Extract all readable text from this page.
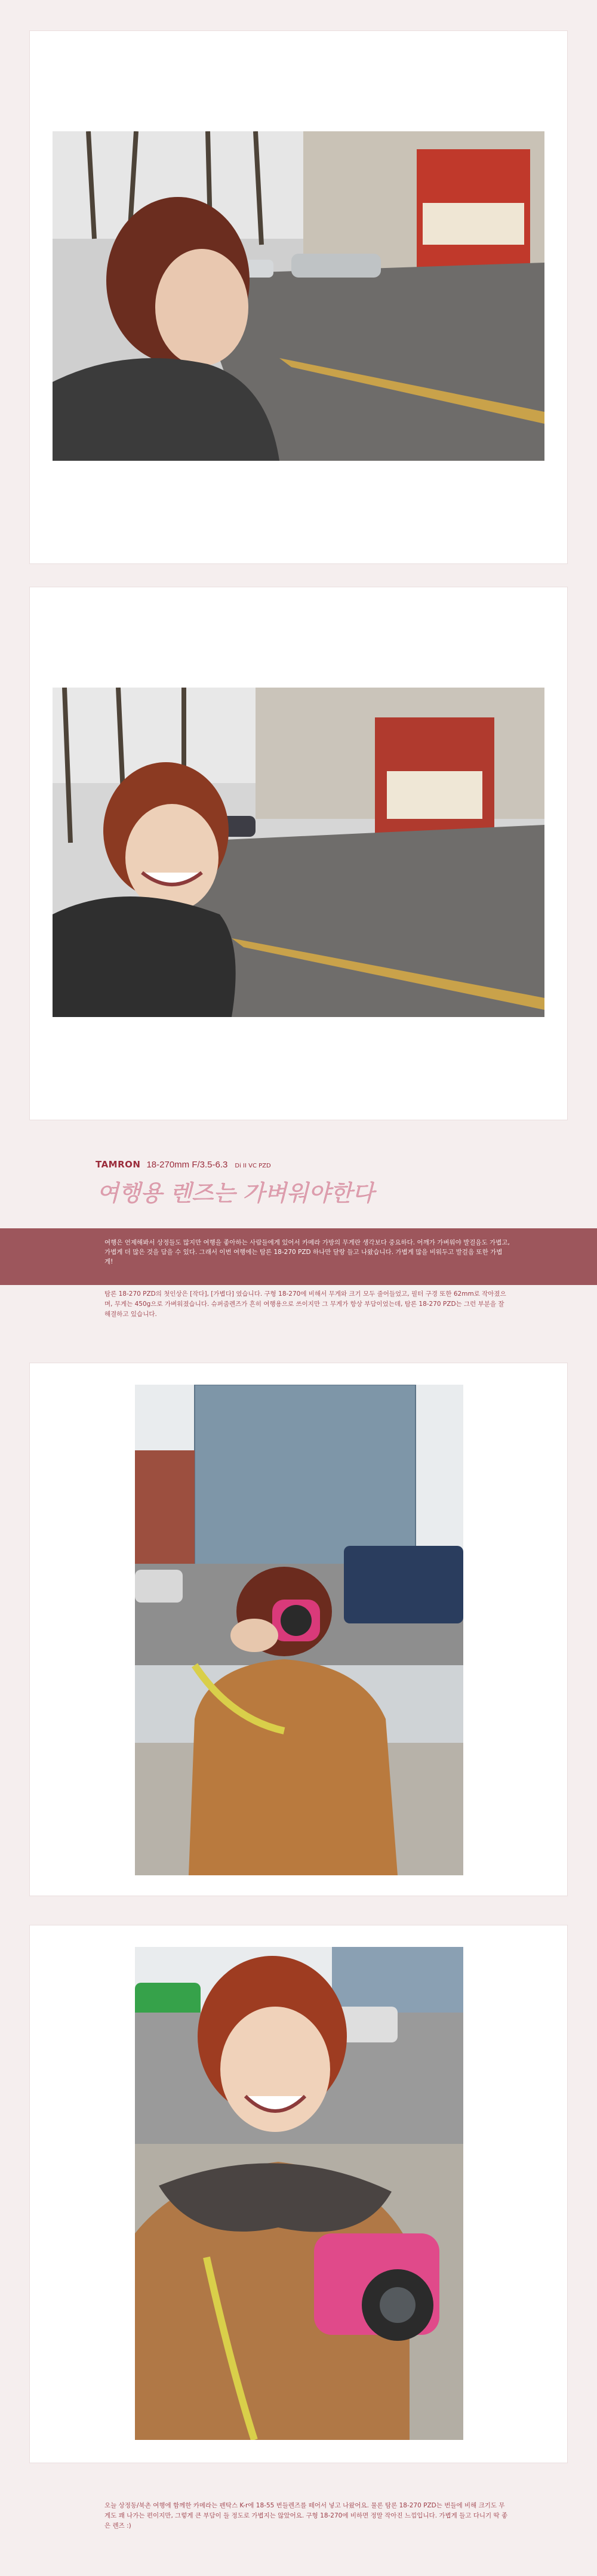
TAMRON 18-270mm F/3.5-6.3 Di II VC PZD
여행용 렌즈는 가벼워야한다
여행은 언제해봐서 상정들도 많지만 여행을 좋아하는 사람들에게 있어서 카메라 가방의 무게란 생각보다 중요하다. 어깨가 가벼워야 발걸음도 가볍고, 가볍게 더 많은 것을 담을 수 있다. 그래서 이번 여행에는 탐론 18-270 PZD 하나만 달랑 들고 나왔습니다. 가볍게 많을 비워두고 발걸음 또한 가볍게!
탐론 18-270 PZD의 첫인상은 [작다], [가볍다] 였습니다. 구형 18-270에 비해서 무게와 크기 모두 줄어들었고, 필터 구경 또한 62mm로 작아졌으며, 무게는 450g으로 가벼워졌습니다. 슈퍼줌렌즈가 흔히 여행용으로 쓰이지만 그 무게가 항상 부담이었는데, 탐론 18-270 PZD는 그런 부분을 잘 해결하고 있습니다.
오늘 상정동/북촌 여행에 함께한 카메라는 펜탁스 K-r에 18-55 번들렌즈를 떼어서 넣고 나왔어요. 물론 탐론 18-270 PZD는 번들에 비해 크기도 무게도 꽤 나가는 편이지만, 그렇게 큰 부담이 들 정도로 가볍지는 않았어요. 구형 18-270에 비하면 정말 작아진 느낌입니다. 가볍게 들고 다니기 딱 좋은 렌즈 :)
